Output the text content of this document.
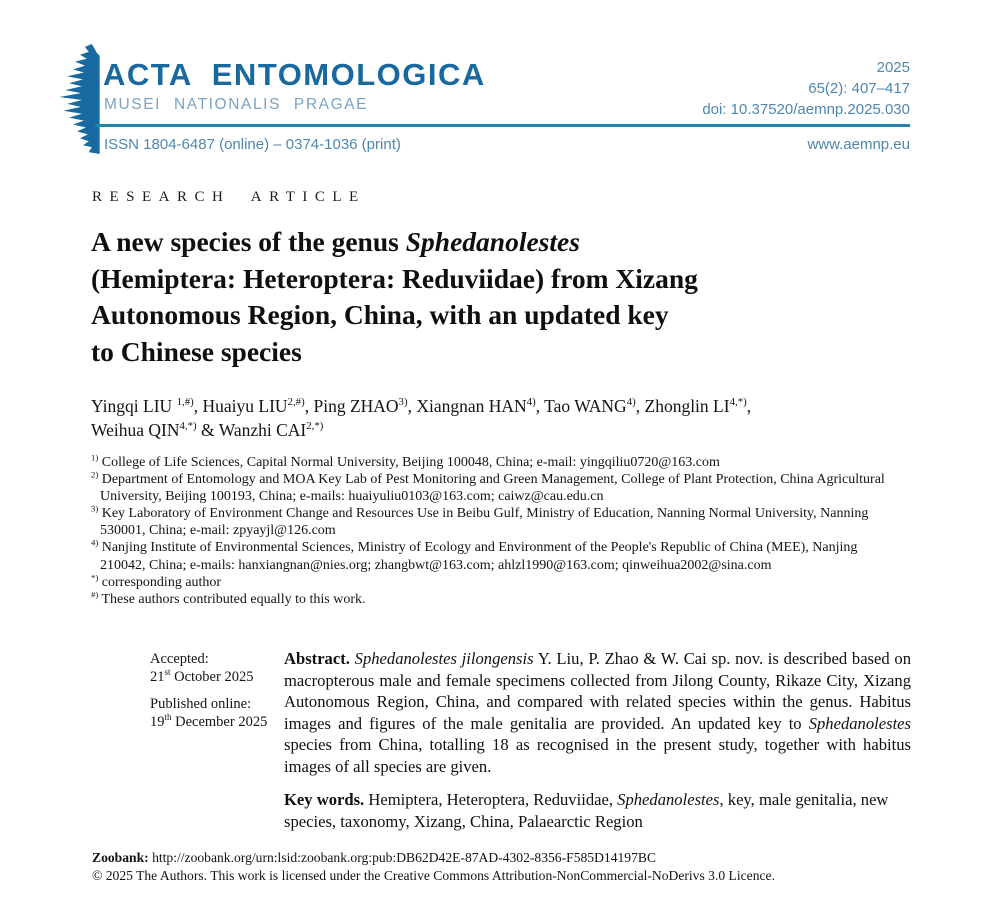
ACTA ENTOMOLOGICA
MUSEI NATIONALIS PRAGAE
2025
65(2): 407–417
doi: 10.37520/aemnp.2025.030
ISSN 1804-6487 (online) – 0374-1036 (print)	www.aemnp.eu
RESEARCH ARTICLE
A new species of the genus Sphedanolestes
(Hemiptera: Heteroptera: Reduviidae) from Xizang
Autonomous Region, China, with an updated key
to Chinese species
Yingqi LIU $^{1,\#)}$, Huaiyu $LIU^{2,\#)}$, Ping ZHAO$^{3)}$, Xiangnan HAN$^{4)}$, Tao WANG$^{4)}$, Zhonglin $LI^{4,*)}$,
Weihua $QIN^{4,*)}$ & Wanzhi $CAI^{2,*)}$
$^{1)}$ College of Life Sciences, Capital Normal University, Beijing 100048, China; e-mail: yingqiliu0720@163.com
$^{2)}$ Department of Entomology and MOA Key Lab of Pest Monitoring and Green Management, College of Plant Protection, China Agricultural University, Beijing 100193, China; e-mails: huaiyuliu0103@163.com; caiwz@cau.edu.cn
$^{3)}$ Key Laboratory of Environment Change and Resources Use in Beibu Gulf, Ministry of Education, Nanning Normal University, Nanning 530001, China; e-mail: zpyayjl@126.com
$^{4)}$ Nanjing Institute of Environmental Sciences, Ministry of Ecology and Environment of the People's Republic of China (MEE), Nanjing 210042, China; e-mails: hanxiangnan@nies.org; zhangbwt@163.com; ahlzl1990@163.com; qinweihua2002@sina.com
*) corresponding author
#) These authors contributed equally to this work.
Accepted:
21st October 2025
Published online:
19th December 2025

Abstract. Sphedanolestes jilongensis Y. Liu, P. Zhao & W. Cai sp. nov. is described based on macropterous male and female specimens collected from Jilong County, Rikaze City, Xizang Autonomous Region, China, and compared with related species within the genus. Habitus images and figures of the male genitalia are provided. An updated key to Sphedanolestes species from China, totalling 18 as recognised in the present study, together with habitus images of all species are given.

Key words. Hemiptera, Heteroptera, Reduviidae, Sphedanolestes, key, male genitalia, new species, taxonomy, Xizang, China, Palaearctic Region

Zoobank: http://zoobank.org/urn:lsid:zoobank.org:pub:DB62D42E-87AD-4302-8356-F585D14197BC
© 2025 The Authors. This work is licensed under the Creative Commons Attribution-NonCommercial-NoDerivs 3.0 Licence.
